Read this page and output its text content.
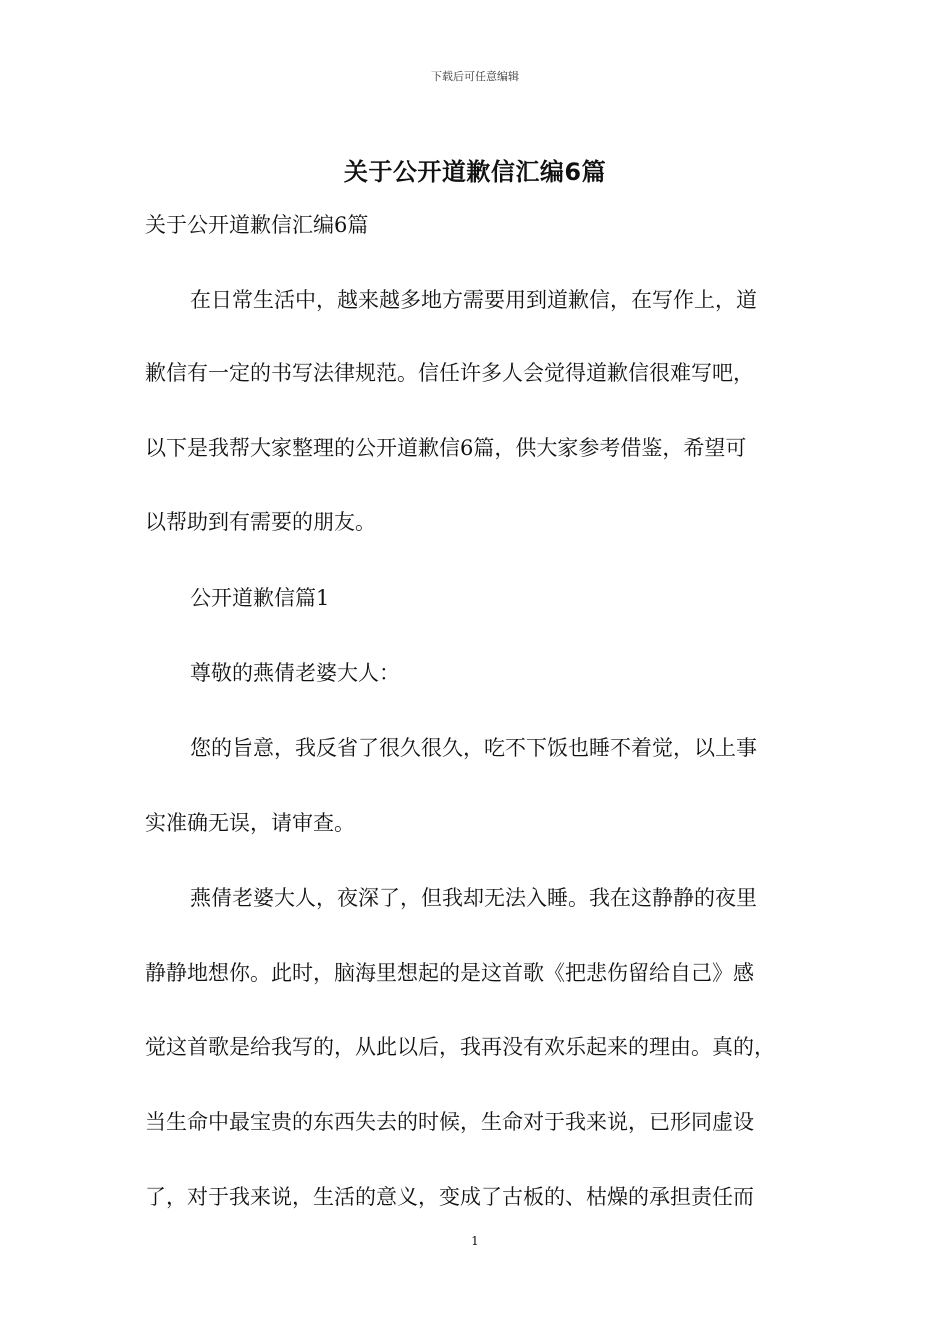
下载后可任意编辑
关于公开道歉信汇编6篇
关于公开道歉信汇编6篇
在日常生活中，越来越多地方需要用到道歉信，在写作上，道
歉信有一定的书写法律规范。信任许多人会觉得道歉信很难写吧，
以下是我帮大家整理的公开道歉信6篇，供大家参考借鉴，希望可
以帮助到有需要的朋友。
公开道歉信篇1
尊敬的燕倩老婆大人：
您的旨意，我反省了很久很久，吃不下饭也睡不着觉，以上事
实准确无误，请审查。
燕倩老婆大人，夜深了，但我却无法入睡。我在这静静的夜里
静静地想你。此时，脑海里想起的是这首歌《把悲伤留给自己》感
觉这首歌是给我写的，从此以后，我再没有欢乐起来的理由。真的，
当生命中最宝贵的东西失去的时候，生命对于我来说，已形同虚设
了，对于我来说，生活的意义，变成了古板的、枯燥的承担责任而
1
